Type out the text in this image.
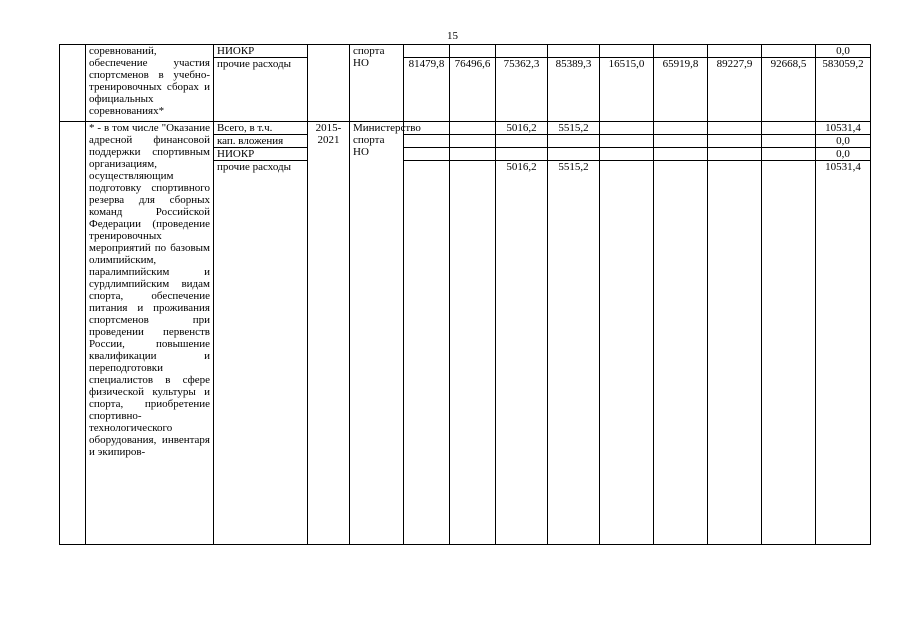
15
	соревнований, обеспечение участия спортсменов в учебно-тренировочных сборах и официальных соревнованиях*	НИОКР		спорта НО									0,0
		прочие расходы			81479,8	76496,6	75362,3	85389,3	16515,0	65919,8	89227,9	92668,5	583059,2
	* - в том числе "Оказание адресной финансовой поддержки спортивным организациям, осуществляющим подготовку спортивного резерва для сборных команд Российской Федерации (проведение тренировочных мероприятий по базовым олимпийским, паралимпийским и сурдлимпийским видам спорта, обеспечение питания и проживания спортсменов при проведении первенств России, повышение квалификации и переподготовки специалистов в сфере физической культуры и спорта, приобретение спортивно-технологического оборудования, инвентаря и экипиров-	Всего, в т.ч.	2015-2021	Министерство спорта НО			5016,2	5515,2					10531,4
		кап. вложения											0,0
		НИОКР											0,0
		прочие расходы					5016,2	5515,2					10531,4
